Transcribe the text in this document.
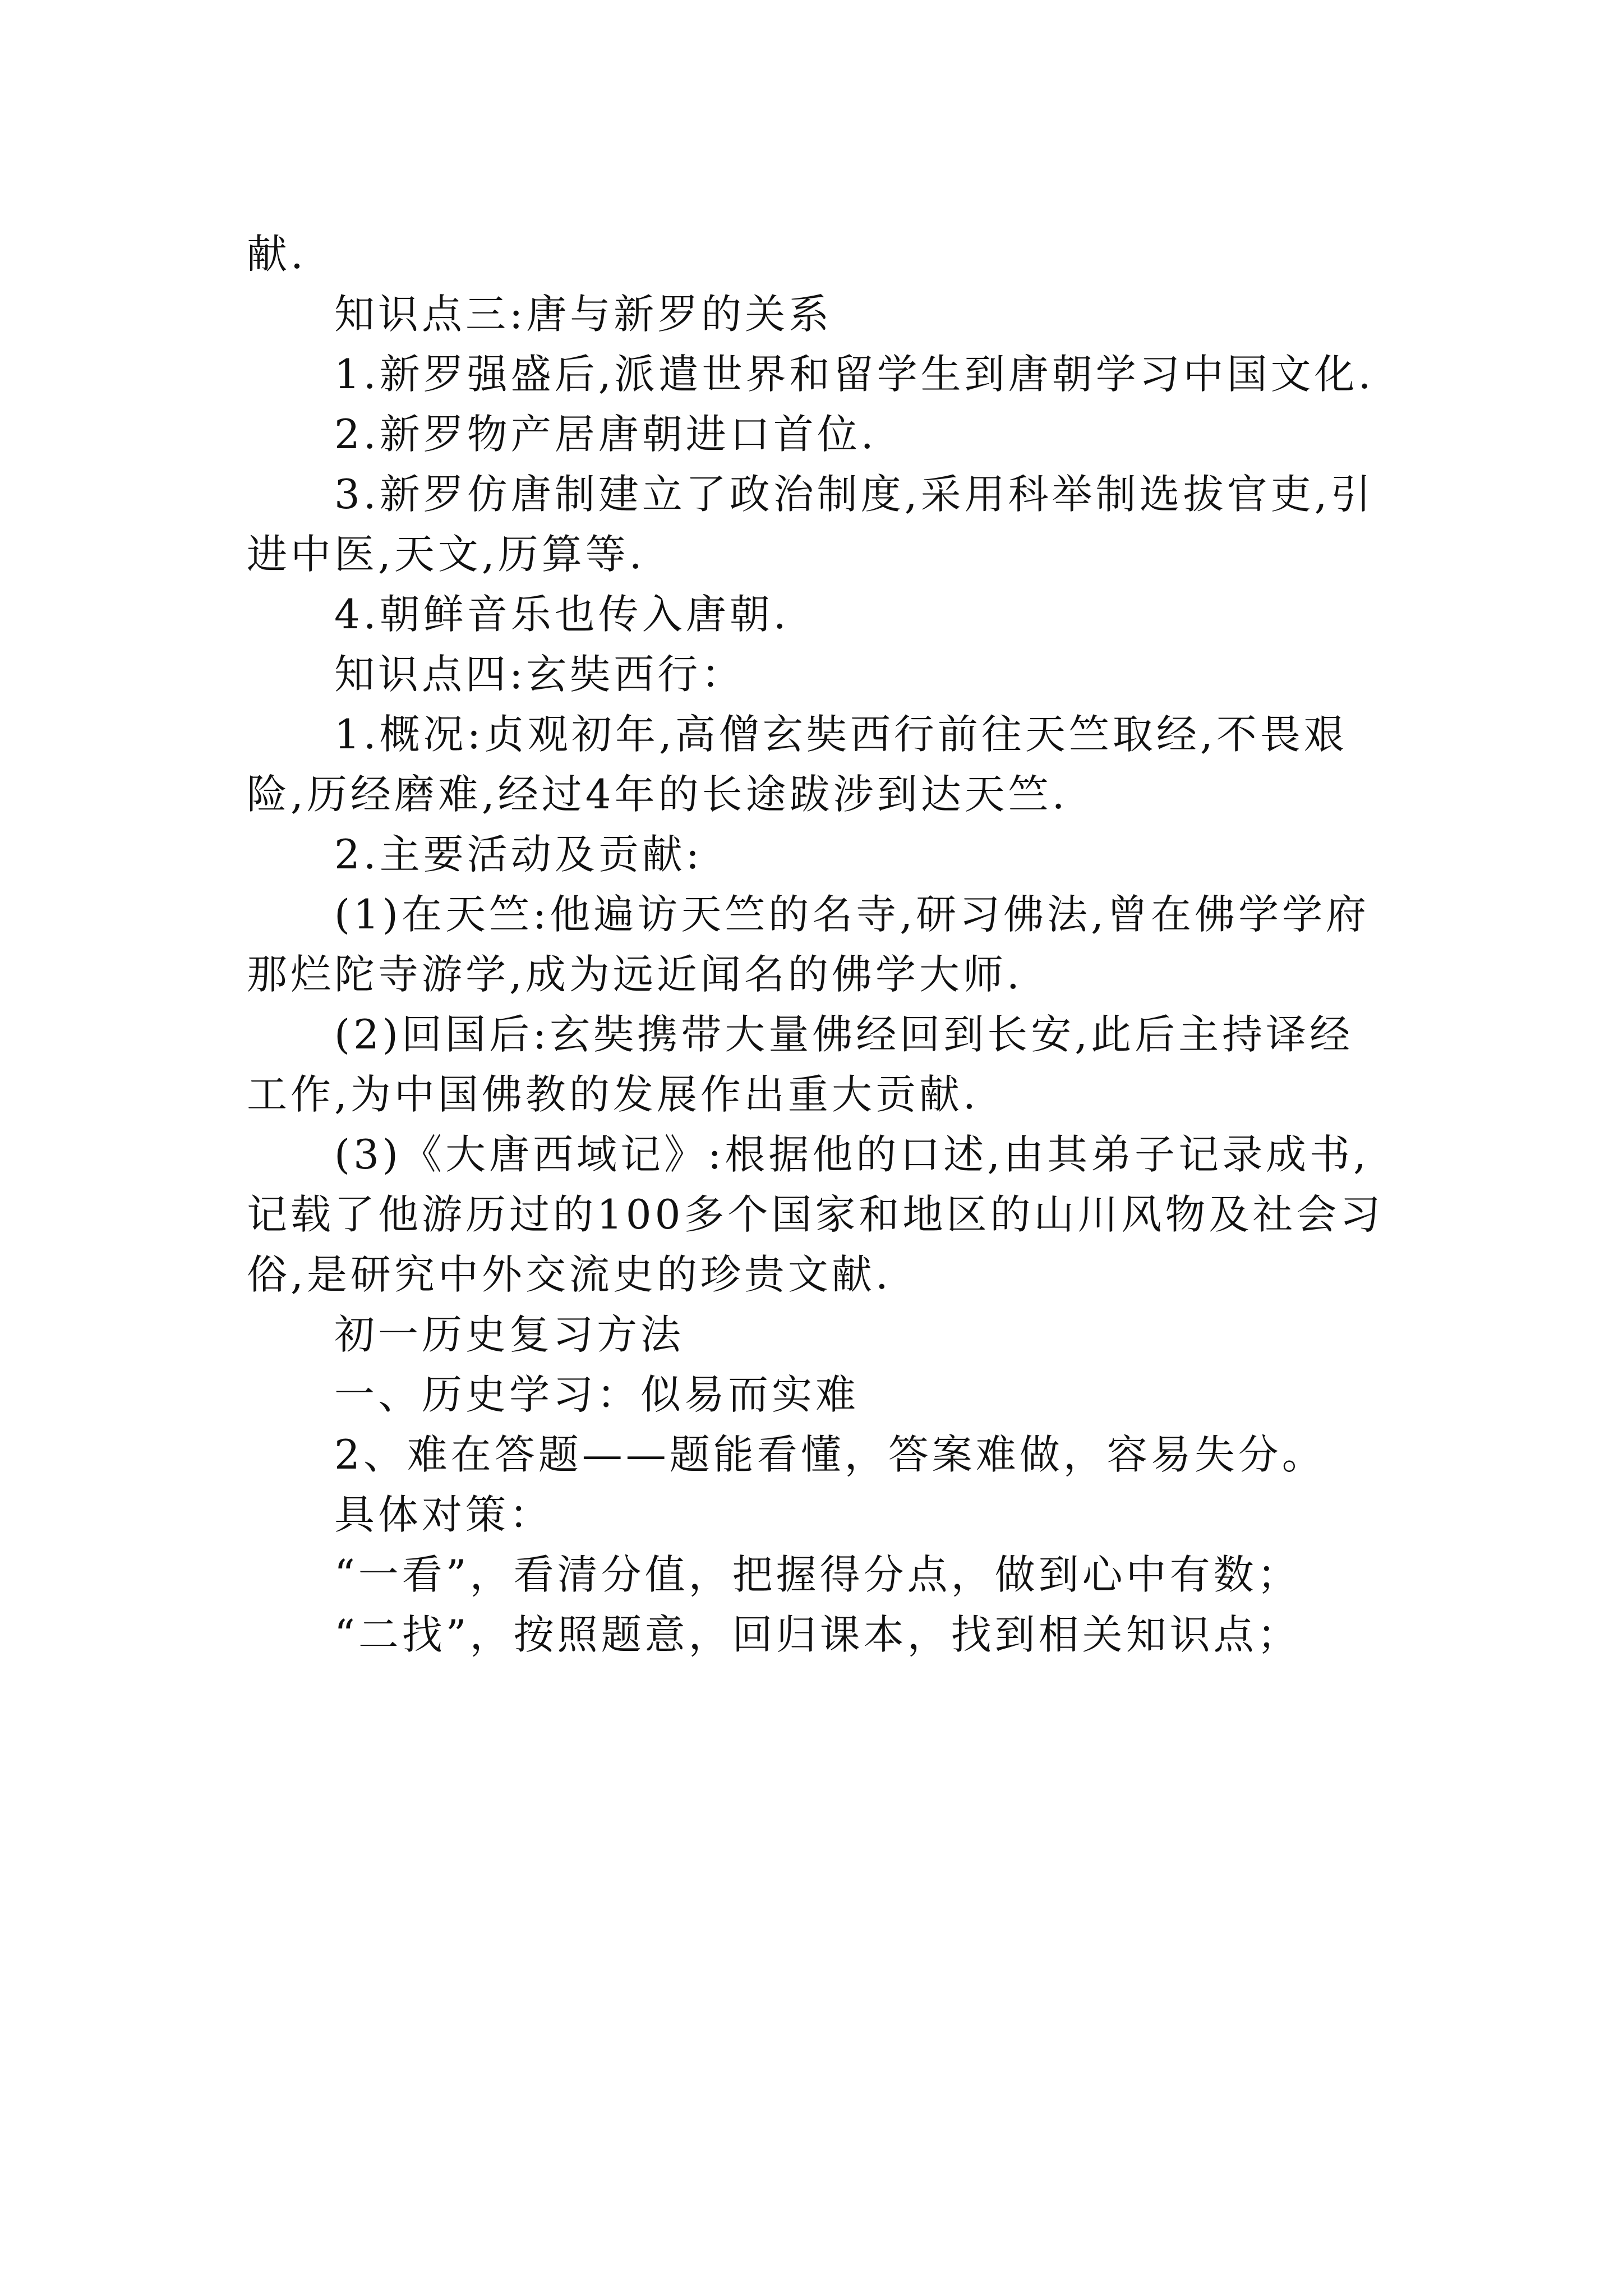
献.

知识点三:唐与新罗的关系

1.新罗强盛后,派遣世界和留学生到唐朝学习中国文化.

2.新罗物产居唐朝进口首位.

3.新罗仿唐制建立了政治制度,采用科举制选拔官吏,引进中医,天文,历算等.

4.朝鲜音乐也传入唐朝.

知识点四:玄奘西行：

1.概况:贞观初年,高僧玄奘西行前往天竺取经,不畏艰险,历经磨难,经过4年的长途跋涉到达天竺.

2.主要活动及贡献:

(1)在天竺:他遍访天竺的名寺,研习佛法,曾在佛学学府那烂陀寺游学,成为远近闻名的佛学大师.

(2)回国后:玄奘携带大量佛经回到长安,此后主持译经工作,为中国佛教的发展作出重大贡献.

(3)《大唐西域记》:根据他的口述,由其弟子记录成书,记载了他游历过的100多个国家和地区的山川风物及社会习俗,是研究中外交流史的珍贵文献.

初一历史复习方法

一、历史学习：似易而实难

2、难在答题——题能看懂，答案难做，容易失分。

具体对策：

“一看”，看清分值，把握得分点，做到心中有数；

“二找”，按照题意，回归课本，找到相关知识点；
